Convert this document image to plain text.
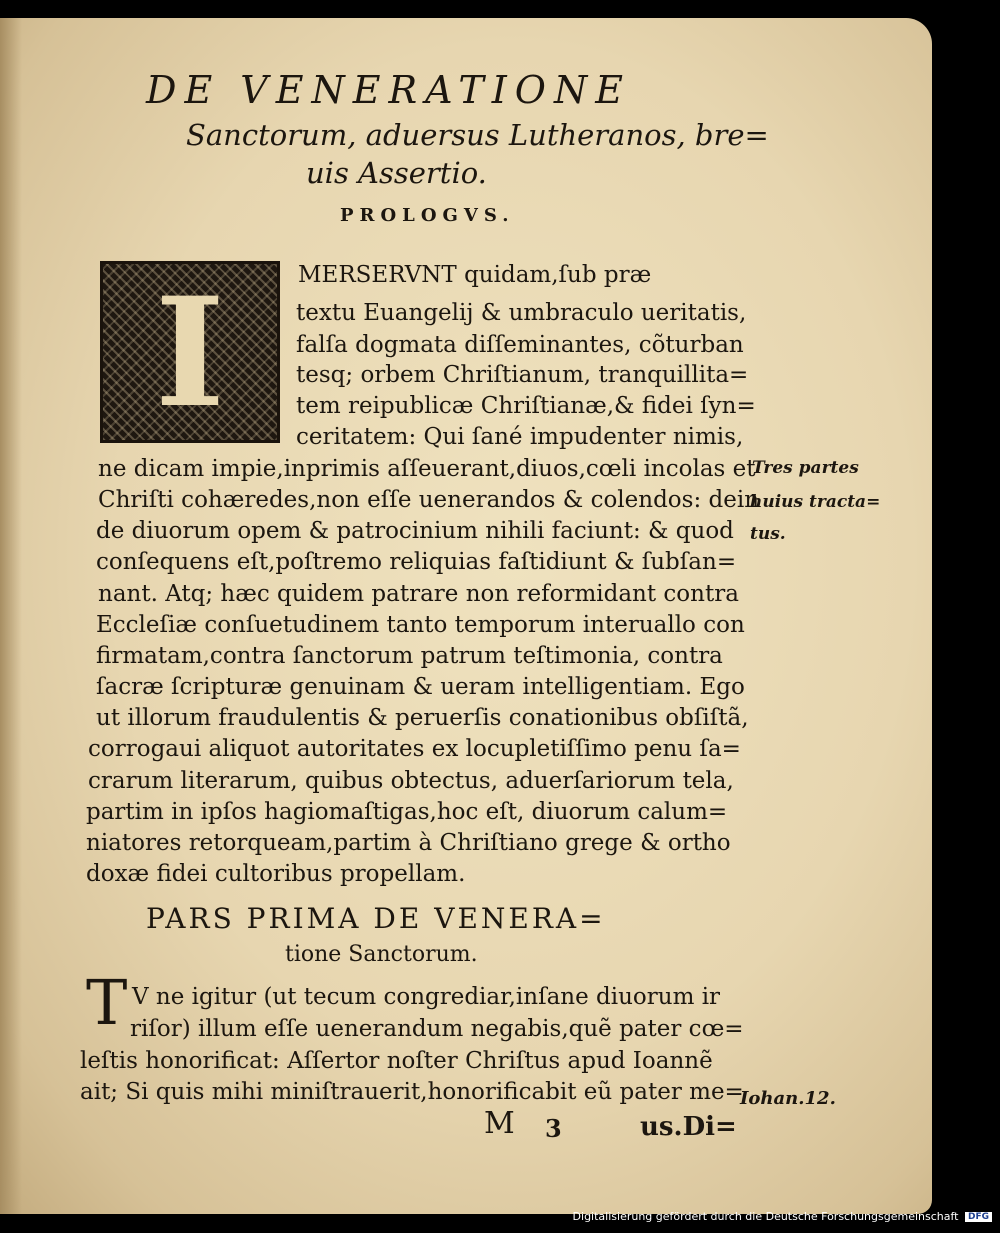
DE VENERATIONE
Sanctorum, aduersus Lutheranos, bre=
uis Assertio.
PROLOGVS.
I	MERSERVNT quidam,ſub præ
textu Euangelij & umbraculo ueritatis,
falſa dogmata diſſeminantes, cõturban
tesq; orbem Chriſtianum, tranquillita=
tem reipublicæ Chriſtianæ,& fidei ſyn=
ceritatem: Qui ſané impudenter nimis,
ne dicam impie,inprimis aſſeuerant,diuos,cœli incolas et
Chriſti cohæredes,non eſſe uenerandos & colendos: dein
de diuorum opem & patrocinium nihili faciunt: & quod
conſequens eſt,poſtremo reliquias faſtidiunt & ſubſan=
nant. Atq; hæc quidem patrare non reformidant contra
Eccleſiæ conſuetudinem tanto temporum interuallo con
firmatam,contra ſanctorum patrum teſtimonia, contra
ſacræ ſcripturæ genuinam & ueram intelligentiam. Ego
ut illorum fraudulentis & peruerſis conationibus obſiſtã,
corrogaui aliquot autoritates ex locupletiſſimo penu ſa=
crarum literarum, quibus obtectus, aduerſariorum tela,
partim in ipſos hagiomaſtigas,hoc eſt, diuorum calum=
niatores retorqueam,partim à Chriſtiano grege & ortho
doxæ fidei cultoribus propellam.
Tres partes
huius tracta=
tus.
PARS PRIMA DE VENERA=
tione Sanctorum.
T V ne igitur (ut tecum congrediar,inſane diuorum ir
riſor) illum eſſe uenerandum negabis,quẽ pater cœ=
leſtis honorificat: Aſſertor noſter Chriſtus apud Ioannẽ
ait; Si quis mihi miniſtrauerit,honorificabit eũ pater me=
Iohan.12.
M 3	us.Di=
Digitalisierung gefördert durch die Deutsche Forschungsgemeinschaft DFG
